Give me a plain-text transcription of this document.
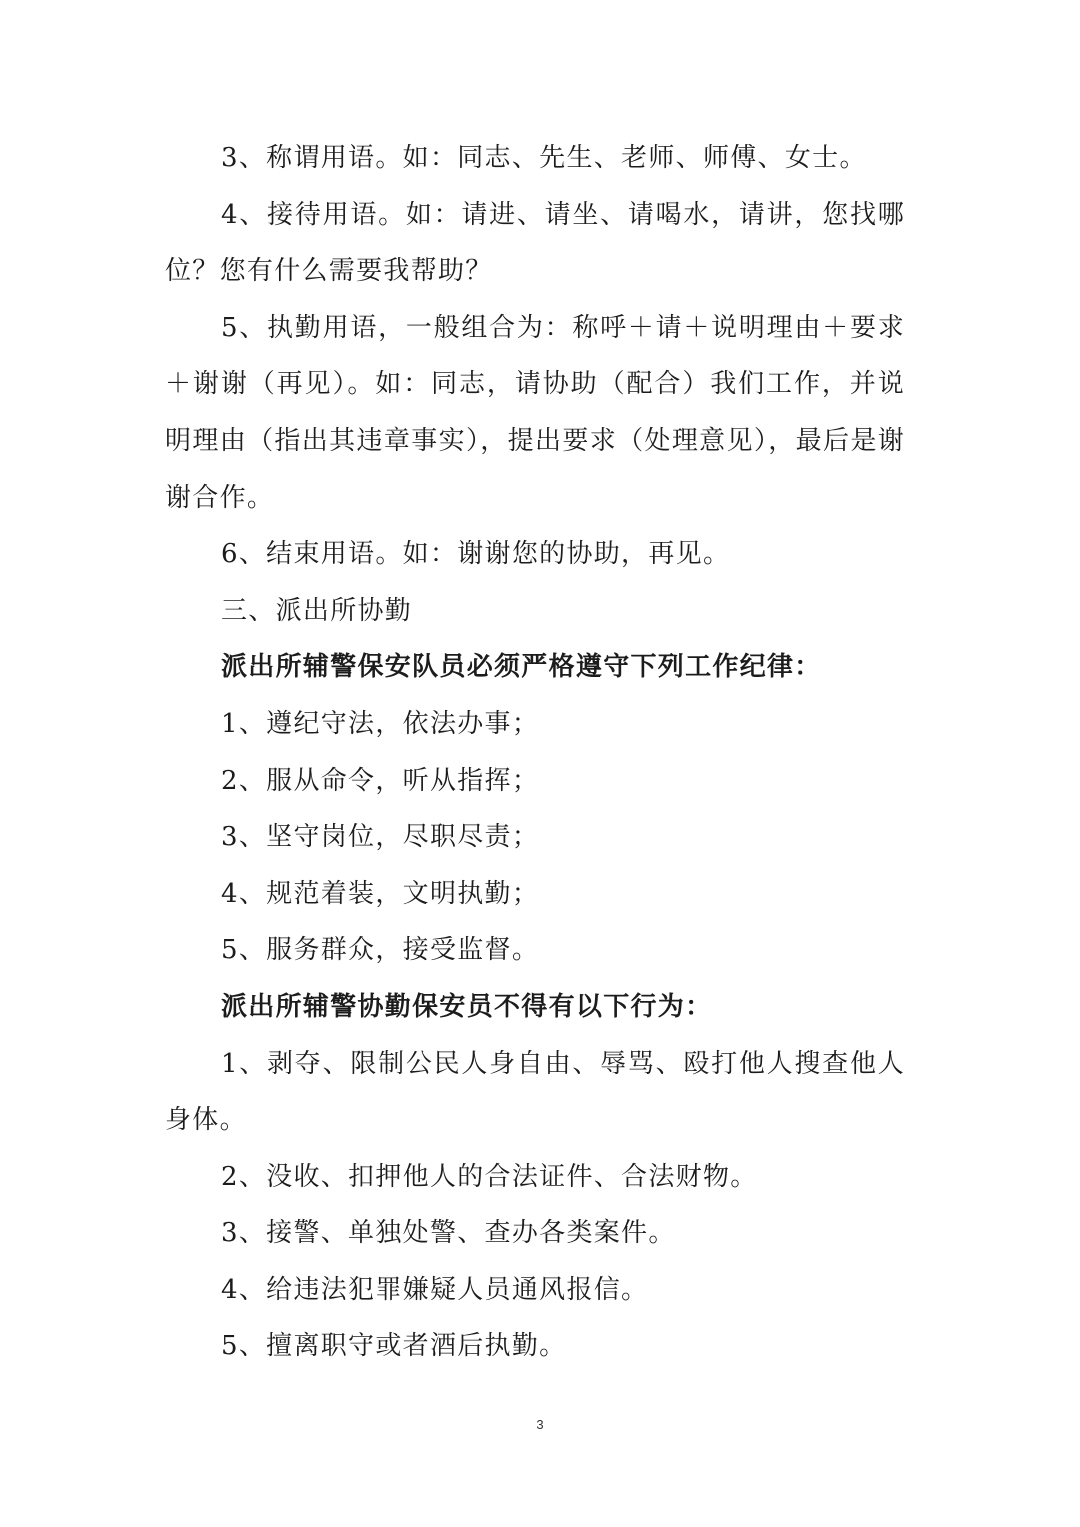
3、称谓用语。如：同志、先生、老师、师傅、女士。

4、接待用语。如：请进、请坐、请喝水，请讲，您找哪位？您有什么需要我帮助？

5、执勤用语，一般组合为：称呼＋请＋说明理由＋要求＋谢谢（再见）。如：同志，请协助（配合）我们工作，并说明理由（指出其违章事实），提出要求（处理意见），最后是谢谢合作。

6、结束用语。如：谢谢您的协助，再见。

三、派出所协勤

派出所辅警保安队员必须严格遵守下列工作纪律：

1、遵纪守法，依法办事；

2、服从命令，听从指挥；

3、坚守岗位，尽职尽责；

4、规范着装，文明执勤；

5、服务群众，接受监督。

派出所辅警协勤保安员不得有以下行为：

1、剥夺、限制公民人身自由、辱骂、殴打他人搜查他人身体。

2、没收、扣押他人的合法证件、合法财物。

3、接警、单独处警、查办各类案件。

4、给违法犯罪嫌疑人员通风报信。

5、擅离职守或者酒后执勤。

3
